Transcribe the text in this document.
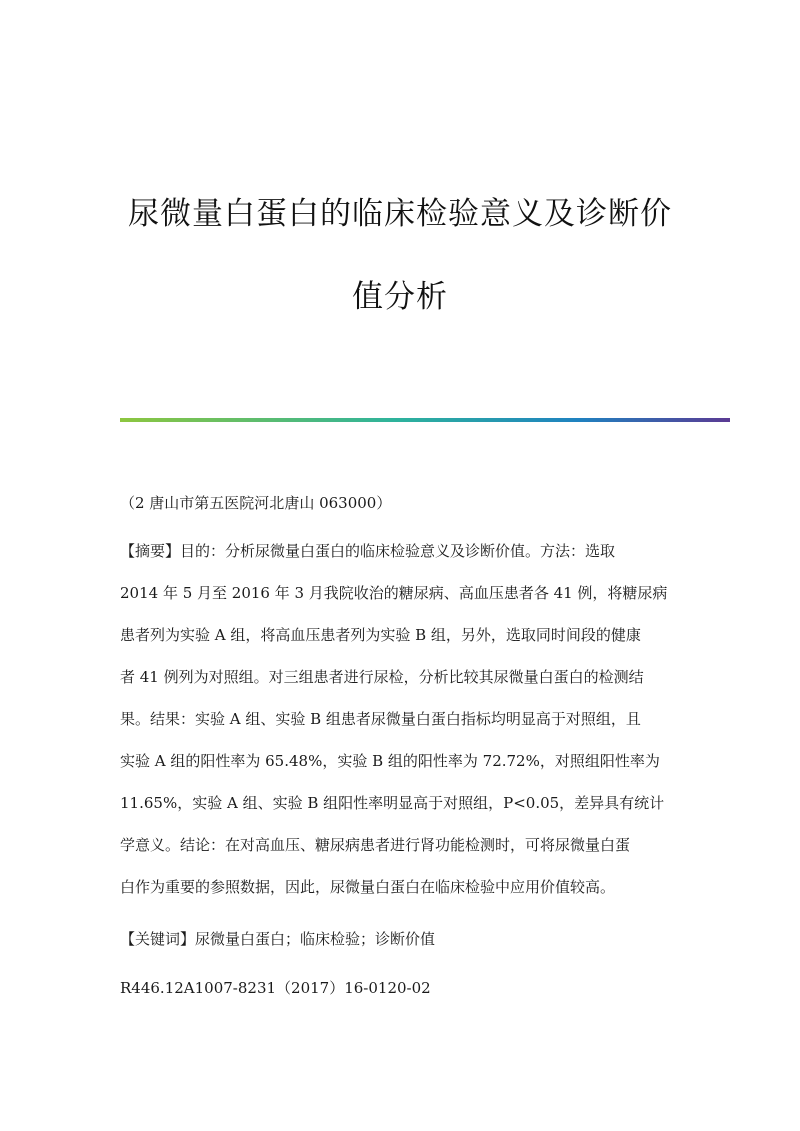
尿微量白蛋白的临床检验意义及诊断价
值分析
（2 唐山市第五医院河北唐山 063000）
【摘要】目的：分析尿微量白蛋白的临床检验意义及诊断价值。方法：选取
2014 年 5 月至 2016 年 3 月我院收治的糖尿病、高血压患者各 41 例，将糖尿病
患者列为实验 A 组，将高血压患者列为实验 B 组，另外，选取同时间段的健康
者 41 例列为对照组。对三组患者进行尿检，分析比较其尿微量白蛋白的检测结
果。结果：实验 A 组、实验 B 组患者尿微量白蛋白指标均明显高于对照组，且
实验 A 组的阳性率为 65.48%，实验 B 组的阳性率为 72.72%，对照组阳性率为
11.65%，实验 A 组、实验 B 组阳性率明显高于对照组，P<0.05，差异具有统计
学意义。结论：在对高血压、糖尿病患者进行肾功能检测时，可将尿微量白蛋
白作为重要的参照数据，因此，尿微量白蛋白在临床检验中应用价值较高。
【关键词】尿微量白蛋白；临床检验；诊断价值
R446.12A1007-8231（2017）16-0120-02
